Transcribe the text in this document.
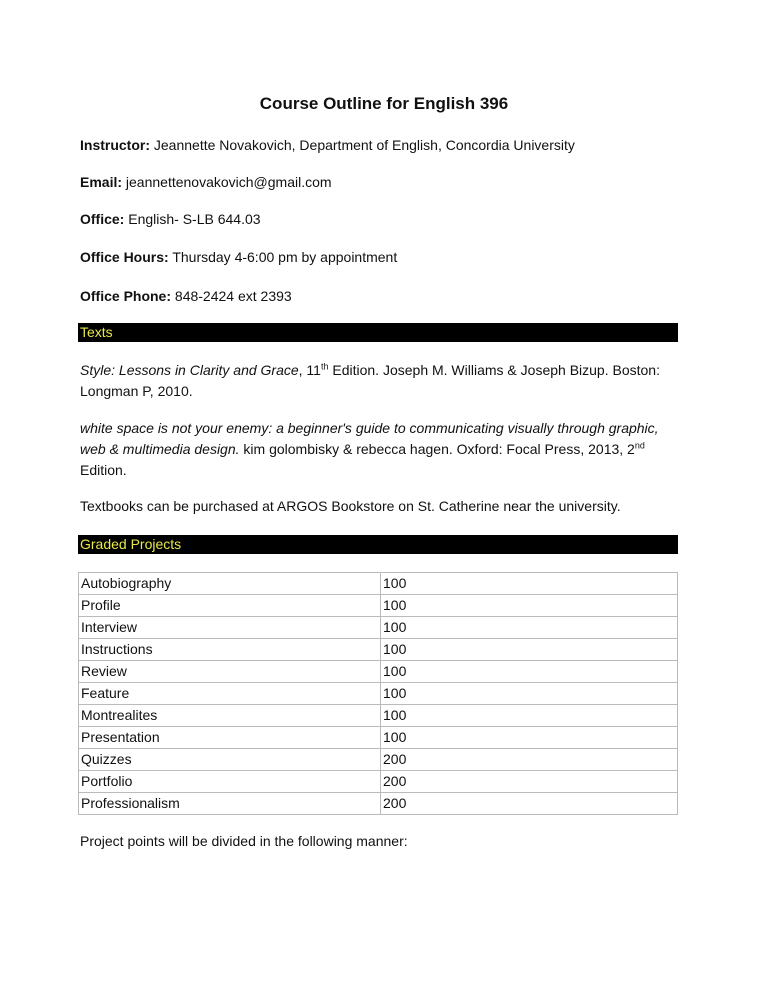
Course Outline for English 396
Instructor: Jeannette Novakovich, Department of English, Concordia University
Email: jeannettenovakovich@gmail.com
Office: English- S-LB 644.03
Office Hours: Thursday 4-6:00 pm by appointment
Office Phone: 848-2424 ext 2393
Texts
Style: Lessons in Clarity and Grace, 11th Edition. Joseph M. Williams & Joseph Bizup. Boston: Longman P, 2010.
white space is not your enemy: a beginner's guide to communicating visually through graphic, web & multimedia design. kim golombisky & rebecca hagen. Oxford: Focal Press, 2013, 2nd Edition.
Textbooks can be purchased at ARGOS Bookstore on St. Catherine near the university.
Graded Projects
Autobiography	100
Profile	100
Interview	100
Instructions	100
Review	100
Feature	100
Montrealites	100
Presentation	100
Quizzes	200
Portfolio	200
Professionalism	200
Project points will be divided in the following manner:
